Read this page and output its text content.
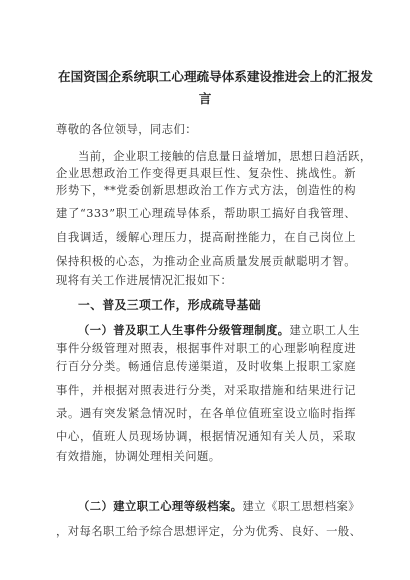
在国资国企系统职工心理疏导体系建设推进会上的汇报发
言
尊敬的各位领导，同志们：
当前，企业职工接触的信息量日益增加，思想日趋活跃，
企业思想政治工作变得更具艰巨性、复杂性、挑战性。新
形势下，**党委创新思想政治工作方式方法，创造性的构
建了“333”职工心理疏导体系，帮助职工搞好自我管理、
自我调适，缓解心理压力，提高耐挫能力，在自己岗位上
保持积极的心态，为推动企业高质量发展贡献聪明才智。
现将有关工作进展情况汇报如下：
一、普及三项工作，形成疏导基础
（一）普及职工人生事件分级管理制度。建立职工人生
事件分级管理对照表，根据事件对职工的心理影响程度进
行百分分类。畅通信息传递渠道，及时收集上报职工家庭
事件，并根据对照表进行分类，对采取措施和结果进行记
录。遇有突发紧急情况时，在各单位值班室设立临时指挥
中心，值班人员现场协调，根据情况通知有关人员，采取
有效措施，协调处理相关问题。
（二）建立职工心理等级档案。建立《职工思想档案》
，对每名职工给予综合思想评定，分为优秀、良好、一般、
